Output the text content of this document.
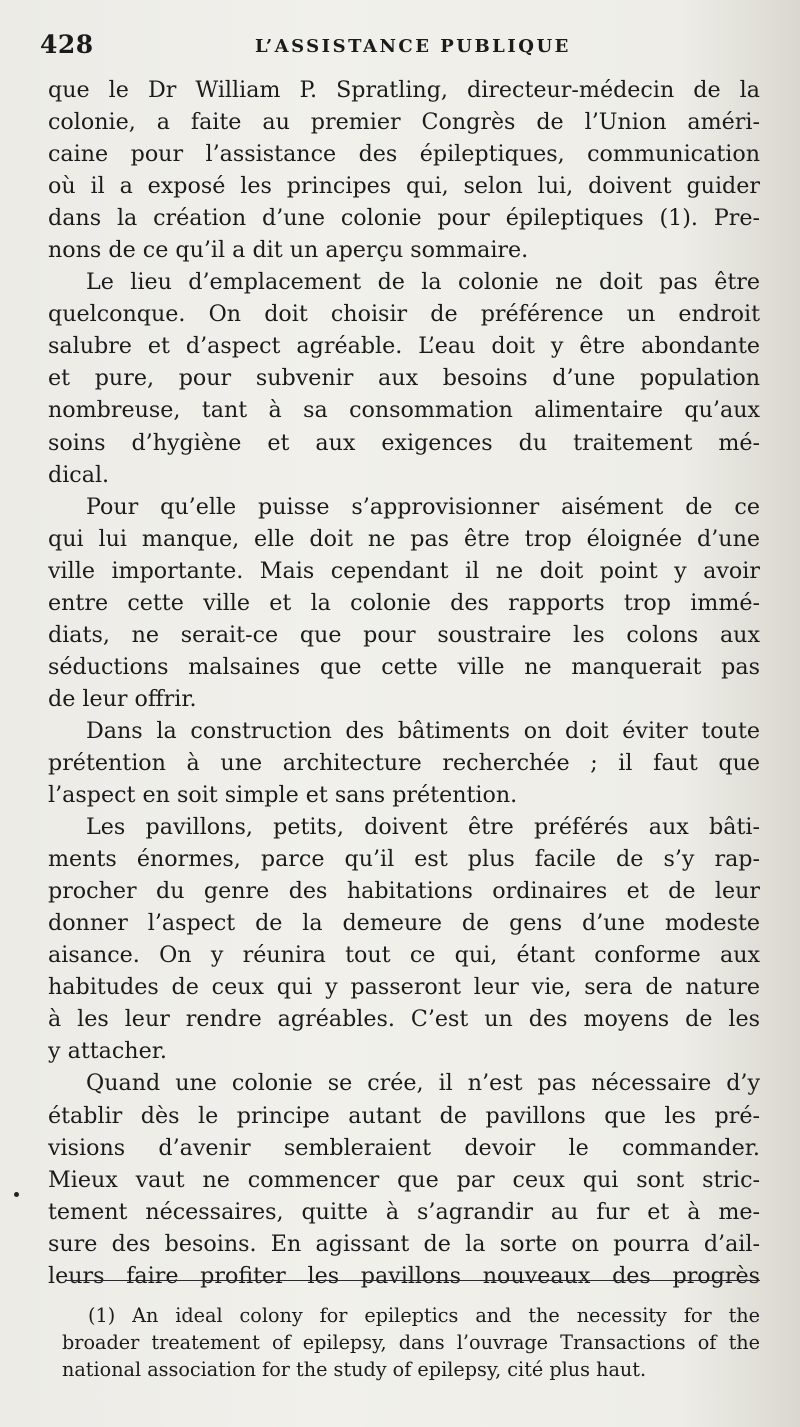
428	L’ASSISTANCE PUBLIQUE
que le Dr William P. Spratling, directeur-médecin de la
colonie, a faite au premier Congrès de l’Union améri-
caine pour l’assistance des épileptiques, communication
où il a exposé les principes qui, selon lui, doivent guider
dans la création d’une colonie pour épileptiques (1). Pre-
nons de ce qu’il a dit un aperçu sommaire.
Le lieu d’emplacement de la colonie ne doit pas être
quelconque. On doit choisir de préférence un endroit
salubre et d’aspect agréable. L’eau doit y être abondante
et pure, pour subvenir aux besoins d’une population
nombreuse, tant à sa consommation alimentaire qu’aux
soins d’hygiène et aux exigences du traitement mé-
dical.
Pour qu’elle puisse s’approvisionner aisément de ce
qui lui manque, elle doit ne pas être trop éloignée d’une
ville importante. Mais cependant il ne doit point y avoir
entre cette ville et la colonie des rapports trop immé-
diats, ne serait-ce que pour soustraire les colons aux
séductions malsaines que cette ville ne manquerait pas
de leur offrir.
Dans la construction des bâtiments on doit éviter toute
prétention à une architecture recherchée ; il faut que
l’aspect en soit simple et sans prétention.
Les pavillons, petits, doivent être préférés aux bâti-
ments énormes, parce qu’il est plus facile de s’y rap-
procher du genre des habitations ordinaires et de leur
donner l’aspect de la demeure de gens d’une modeste
aisance. On y réunira tout ce qui, étant conforme aux
habitudes de ceux qui y passeront leur vie, sera de nature
à les leur rendre agréables. C’est un des moyens de les
y attacher.
Quand une colonie se crée, il n’est pas nécessaire d’y
établir dès le principe autant de pavillons que les pré-
visions d’avenir sembleraient devoir le commander.
Mieux vaut ne commencer que par ceux qui sont stric-
tement nécessaires, quitte à s’agrandir au fur et à me-
sure des besoins. En agissant de la sorte on pourra d’ail-
leurs faire profiter les pavillons nouveaux des progrès
(1) An ideal colony for epileptics and the necessity for the
broader treatement of epilepsy, dans l’ouvrage Transactions of the
national association for the study of epilepsy, cité plus haut.
